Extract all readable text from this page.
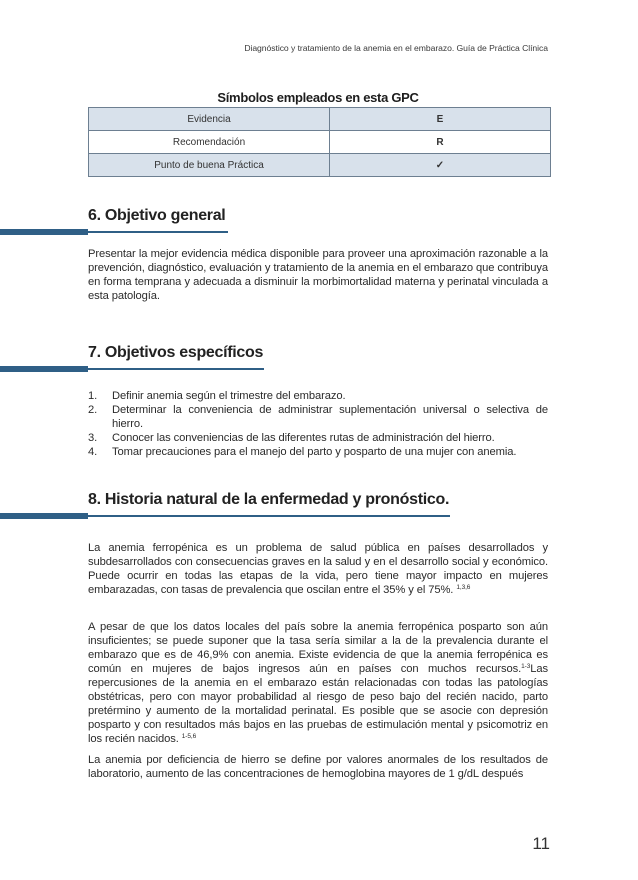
Diagnóstico y tratamiento de la anemia en el embarazo. Guía de Práctica Clínica
Símbolos empleados en esta GPC
Evidencia	E
Recomendación	R
Punto de buena Práctica	✓
6. Objetivo general

Presentar la mejor evidencia médica disponible para proveer una aproximación razonable a la prevención, diagnóstico, evaluación y tratamiento de la anemia en el embarazo que contribuya en forma temprana y adecuada a disminuir la morbimortalidad materna y perinatal vinculada a esta patología.

7. Objetivos específicos
1. Definir anemia según el trimestre del embarazo.
2. Determinar la conveniencia de administrar suplementación universal o selectiva de hierro.
3. Conocer las conveniencias de las diferentes rutas de administración del hierro.
4. Tomar precauciones para el manejo del parto y posparto de una mujer con anemia.
8. Historia natural de la enfermedad y pronóstico.

La anemia ferropénica es un problema de salud pública en países desarrollados y subdesarrollados con consecuencias graves en la salud y en el desarrollo social y económico. Puede ocurrir en todas las etapas de la vida, pero tiene mayor impacto en mujeres embarazadas, con tasas de prevalencia que oscilan entre el 35% y el 75%. $^{1,3,6}$

A pesar de que los datos locales del país sobre la anemia ferropénica posparto son aún insuficientes; se puede suponer que la tasa sería similar a la de la prevalencia durante el embarazo que es de 46,9% con anemia. Existe evidencia de que la anemia ferropénica es común en mujeres de bajos ingresos aún en países con muchos recursos.$^{1-3}$Las repercusiones de la anemia en el embarazo están relacionadas con todas las patologías obstétricas, pero con mayor probabilidad al riesgo de peso bajo del recién nacido, parto pretérmino y aumento de la mortalidad perinatal. Es posible que se asocie con depresión posparto y con resultados más bajos en las pruebas de estimulación mental y psicomotriz en los recién nacidos. $^{1-5,6}$

La anemia por deficiencia de hierro se define por valores anormales de los resultados de laboratorio, aumento de las concentraciones de hemoglobina mayores de 1 g/dL después

11
